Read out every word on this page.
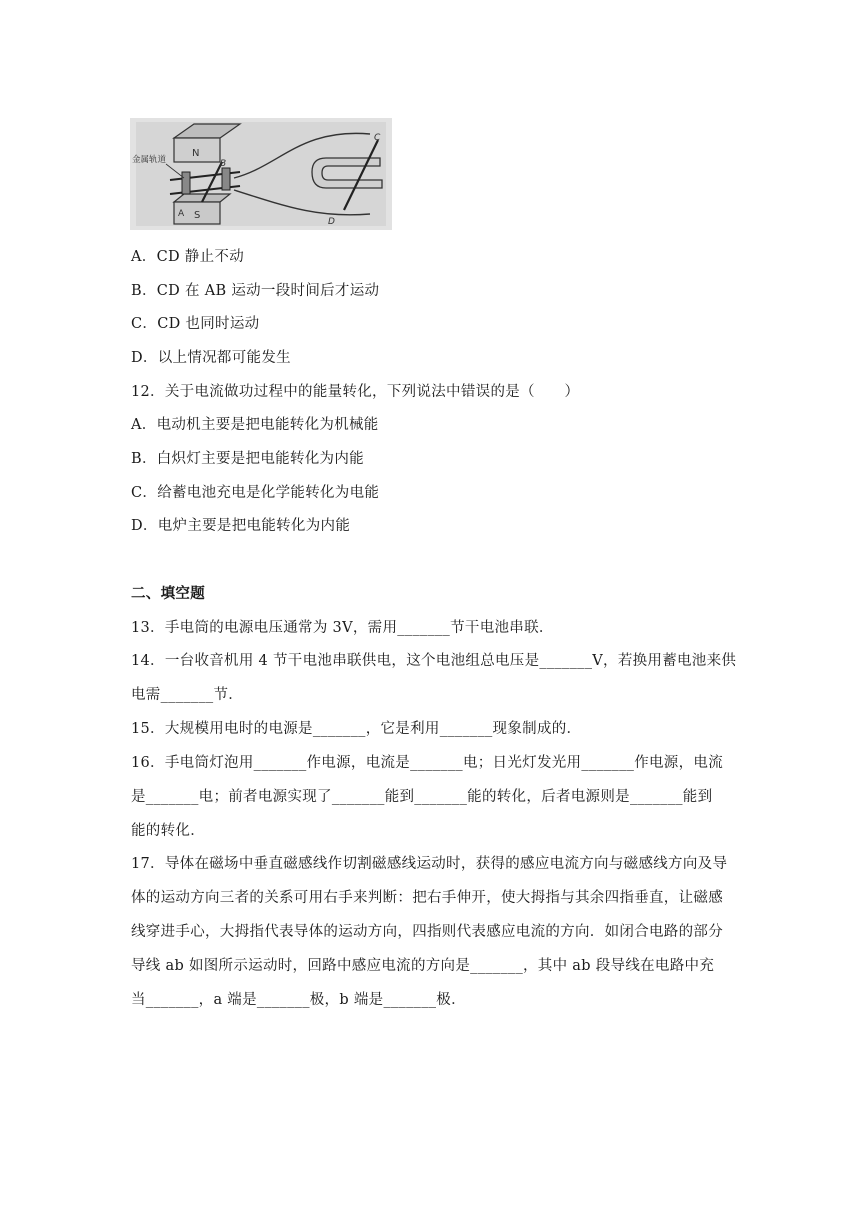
N
A S
B
金属轨道
C
D
A．CD 静止不动
B．CD 在 AB 运动一段时间后才运动
C．CD 也同时运动
D．以上情况都可能发生
12．关于电流做功过程中的能量转化，下列说法中错误的是（　　）
A．电动机主要是把电能转化为机械能
B．白炽灯主要是把电能转化为内能
C．给蓄电池充电是化学能转化为电能
D．电炉主要是把电能转化为内能
二、填空题
13．手电筒的电源电压通常为 3V，需用_______节干电池串联．
14．一台收音机用 4 节干电池串联供电，这个电池组总电压是_______V，若换用蓄电池来供
电需_______节．
15．大规模用电时的电源是_______，它是利用_______现象制成的．
16．手电筒灯泡用_______作电源，电流是_______电；日光灯发光用_______作电源，电流
是_______电；前者电源实现了_______能到_______能的转化，后者电源则是_______能到
能的转化．
17．导体在磁场中垂直磁感线作切割磁感线运动时，获得的感应电流方向与磁感线方向及导
体的运动方向三者的关系可用右手来判断：把右手伸开，使大拇指与其余四指垂直，让磁感
线穿进手心，大拇指代表导体的运动方向，四指则代表感应电流的方向．如闭合电路的部分
导线 ab 如图所示运动时，回路中感应电流的方向是_______，其中 ab 段导线在电路中充
当_______，a 端是_______极，b 端是_______极．
